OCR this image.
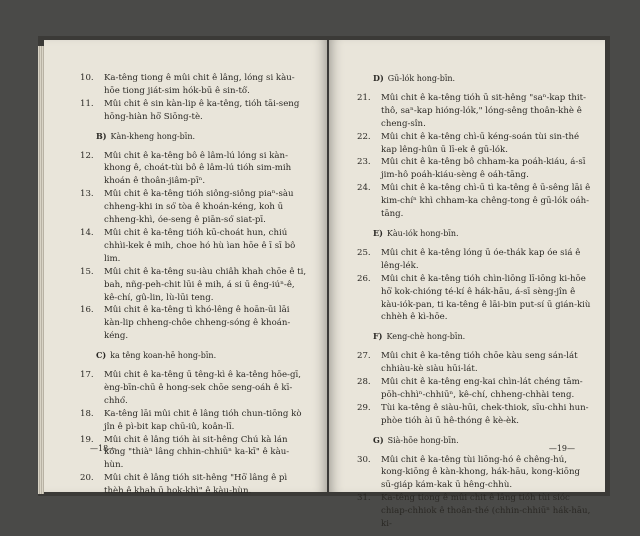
10. Ka-têng tiong ê mûi chit ê lâng, lóng si kàu-hōe tiong jiát-sim hók-bū ê sin-tô͘.

11. Mûi chit ê sin kàn-lip ê ka-têng, tióh tāi-seng hōng-hiàn hō͘ Siōng-tè.

B) Kàn-kheng hong-bīn.

12. Mûi chit ê ka-têng bô ê lâm-lú lóng si kàn-khong ê, choát-tùi bô ê lâm-lú tióh sim-mih khoán ê thoân-jiâm-pīⁿ.

13. Mûi chit ê ka-têng tióh siông-siông piaⁿ-sàu chheng-khi in só͘ tòa ê khoán-kéng, koh ū chheng-khì, óe-seng ê piān-só͘ siat-pī.

14. Mûi chit ê ka-têng tióh kū-choát hun, chiú chhìi-kek ê mih, choe hó hù ìan hōe ê ī sī bô lim.

15. Mûi chit ê ka-têng su-iàu chiâh khah chōe ê ti, bah, nñg-peh-chit lūi ê mih, á si ū êng-iúⁿ-ê, kê-chí, gû-lin, lù-lūi teng.

16. Mûi chit ê ka-têng tì khó-lêng ê hoān-ūi lāi kàn-lip chheng-chôe chheng-sóng ê khoán-kéng.

C) ka têng koan-hē hong-bīn.

17. Mûi chit ê ka-têng ū têng-kì ê ka-têng hōe-gī, èng-bīn-chū ê hong-sek chōe seng-oáh ê kī-chhó͘.

18. Ka-têng lāi mûi chit ê lâng tióh chun-tiōng kò jîn ê pì-bit kap chū-iû, koân-lī.

19. Mûi chit ê lâng tióh ài sit-hêng Chú kà lán kóng "thiàⁿ lâng chhin-chhiūⁿ ka-kī" ê kàu-hùn.

20. Mûi chit ê lâng tióh sit-hêng "Hō͘ lâng ê pì thèh ê khah ū hok-khì" ê kàu-hùn.

—18—

D) Gū-lók hong-bīn.

21. Mûi chit ê ka-têng tióh ū sit-hêng "saⁿ-kap thit-thô, saⁿ-kap hióng-lók," lóng-sêng thoân-khè ê cheng-sîn.

22. Mûi chit ê ka-têng chì-ū kéng-soán tùi sin-thé kap lêng-hûn ū lī-ek ê gū-lók.

23. Mûi chit ê ka-têng bô chham-ka poáh-kiáu, á-sī jim-hô poáh-kiáu-sèng ê oáh-tāng.

24. Mûi chit ê ka-têng chì-ū tì ka-têng ê ū-sêng lāi ê kim-chíⁿ khì chham-ka chêng-tong ê gū-lók oáh-tāng.

E) Kàu-iók hong-bīn.

25. Mûi chit ê ka-têng lóng ū óe-thák kap óe siá ê lêng-lék.

26. Mûi chit ê ka-têng tióh chìn-liōng lī-iōng ki-hōe hō͘ kok-chióng té-kí ê hák-hāu, á-sī sèng-jîn ê kàu-iók-pan, ti ka-têng ê lāi-bin put-sí ū gián-kiù chhèh ê kì-hōe.

F) Keng-chè hong-bīn.

27. Mûi chit ê ka-têng tióh chōe kàu seng sán-lát chhiàu-kè siàu hūi-lát.

28. Mûi chit ê ka-têng eng-kai chìn-lát chéng tām-pōh-chhìⁿ-chhiūⁿ, kê-chí, chheng-chhài teng.

29. Tùi ka-têng ê siàu-hūi, chek-thiok, sīu-chhi hun-phòe tióh ài ū hê-thóng ê kè-èk.

G) Sià-hōe hong-bīn.

30. Mûi chit ê ka-têng tùi liōng-hó ê chêng-hú, kong-kiōng ê kàn-khong, hák-hāu, kong-kiōng sū-giáp kám-kak ū hêng-chhù.

31. Ka-têng tiong ê mûi chit ê lâng tióh tùi sióc chiap-chhiok ê thoân-thé (chhin-chhiūⁿ hák-hāu, ki-

—19—
